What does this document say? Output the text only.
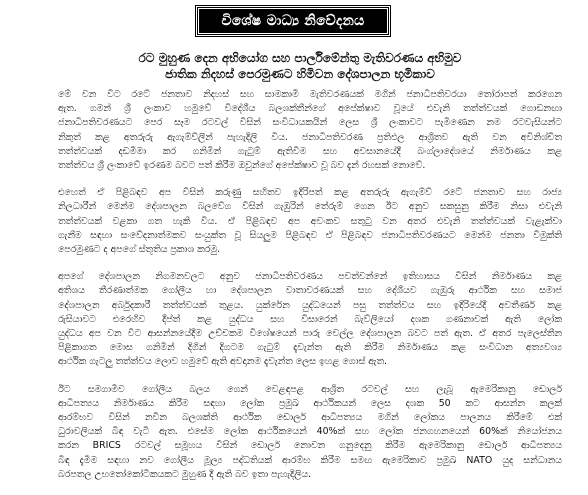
විශේෂ මාධ්‍ය නිවේදනය
රට මුහුණ දෙන අභියෝග සහ පාර්ලිමේන්තු මැතිවරණය අභිමුව
ජාතික නිදහස් පෙරමුණට හිමිවන දේශපාලන භූමිකාව
මේ වන විට රටේ ජනතාව නිදහස් සහ සාමකාමී මැතිවරණයක් මගින් ජනාධිපතිවරයා තෝරාපත් කරගෙන
ඇත. ගමන් ශ්‍රී ලංකාව හමුවේ විදේශීය බලශක්තීන්ගේ අපේක්ෂාව වූයේ එවැනි තත්ත්වයක් ගොඩනඟා
ජනාධිපතිවරණයට පෙර සෑම රටවල් විසින් සංවිධායකයින් ලෙස ශ්‍රී ලංකාවට පැමිණෙන නම රටවැසියන්ට
නිකුත් කළ අතරුරු ඇගැම්ව්ලීන් පැහැදිලි විය. ජනාධිපතිවරණ ප්‍රතිඵල ආශ්‍රිතව ඇති වන අවිනිශ්චිත
තත්ත්වයක් දඩමීමා කර ගනිමින් ගැටුම් ඇතිවීම සහ අවසානයේදී බංග්ලාදේශයේ නිර්මාණය කළ
තත්ත්වය ශ්‍රී ලංකාවේ ඉරණම බවට පත් කිරීම ඔවුන්ගේ අපේක්ෂාව වූ බව දැන් රහසක් නොවේ.
එහෙත් ඒ පිළිබඳව අප විසින් කරුණු සහිතව ඉදිරිපත් කළ අතරුරු ඇගැම්ව් රටේ ජනතාව සහ රාජ්‍ය
නිලධාරීන් මෙන්ම දේශපාලන බලවේග විසින් ගැඹුරින් තේරුම් ගෙන ඊට අනුව සකසුනු කිරීම නිසා එවැනි
තත්ත්වයක් වළකා ගත හැකි විය. ඒ පිළිබඳව අප අවංකව සතුටු වන අතර එවැනි තත්ත්වයක් වැළැක්වා
ගැනීම සඳහා සංවේදනාත්මකව සංයුක්ත වූ සියලුම පිළිබඳව ඒ පිළිබඳව ජනාධිපතිවරණයට මෙන්ම ජනතා විමුක්ති
පෙරමුණට ද අපගේ ස්තූතිය ප්‍රකාශ කරමු.
අපගේ දේශපාලන නිගමනවලට අනුව ජනාධිපතිවරණය පවත්වන්නේ ඉතිහාසය විසින් නිර්මාණය කළ
අතිශය තීරණාත්මක ගෝලීය හා දේශපාලන වාතාවරණයක් සහ දේශීයව ගැඹුරු ආර්ථික සහ සමාජ
දේශපාලන අර්බුදකාරී තත්ත්වයක් තුළය. යුක්රේන යුද්ධයෙන් පසු තත්ත්වය සහ ඉදිරියේදී අවතීර්ණ කළ
රුසියාවට එරෙහිව දීප්ත් කළ යුද්ධය සහ වීසාරෙන් බැව්ලියෝ දශක ගණනාවක් ඇති ලෝක
යුද්ධය අප වන විට ආසන්නයේදීම උච්චකම විශේෂයෙන් පාරු වෙල්ල දේශපාලන බවට පත් ඇත. ඒ අතර පැලෙස්තීන
පිළිකාගත මොස ගනිමින් දිගින් දිගටම ගැටුම් දැවැන්ත ඇති කිරීම නිර්මාණය කළ සංවිධාන අත්‍යවශ්‍ය
ආර්ථික ගැටලු තත්ත්වය ලොව හමුවේ ඇති අවදානම දැවැන්ත ලෙස ඉහළ ගොස් ඇත.
ඊට සමගාමීව ගෝලීය බලය ගෙන් වෙළඳපළ ආශ්‍රිත රටවල් සහ ලැබූ ඇමෙරිකානු ඩොලර්
ආධිපත්‍යය නිර්මාණය කිරීම සඳහා ලෝක ප්‍රමුඛ ආර්ථිකයන් ලෙස දශක 50 කට ආසන්න කලක්
ආරම්භව විසින් නවීන බලශක්ති ආර්ථික ඩොලර් ආධිපත්‍යය මගින් ලෝකය පාලනය කිරීමේ එක්
ධුරාවලියක් බිඳ වැටී ඇත. එසේම ලෝක ආර්ථිකයෙන් 40%ක් සහ ලෝක ජනගහනයෙන් 60%ක් නියෝජනය
කරන BRICS රටවල් සමූහය විසින් ඩොලර් නොවන ගනුදෙනු කිරීම ඇමෙරිකානු ඩොලර් ආධිපත්‍යය
බිඳ දැමීම සඳහා නව ගෝලීය මූල්‍ය පද්ධතියක් ආරම්භ කිරීම සමඟ ඇමෙරිකාව ප්‍රමුඛ NATO යුද සන්ධානය
බරපතල උභතෝකෝටිකයකට මුහුණ දී ඇති බව ඉතා පැහැදිලිය.
